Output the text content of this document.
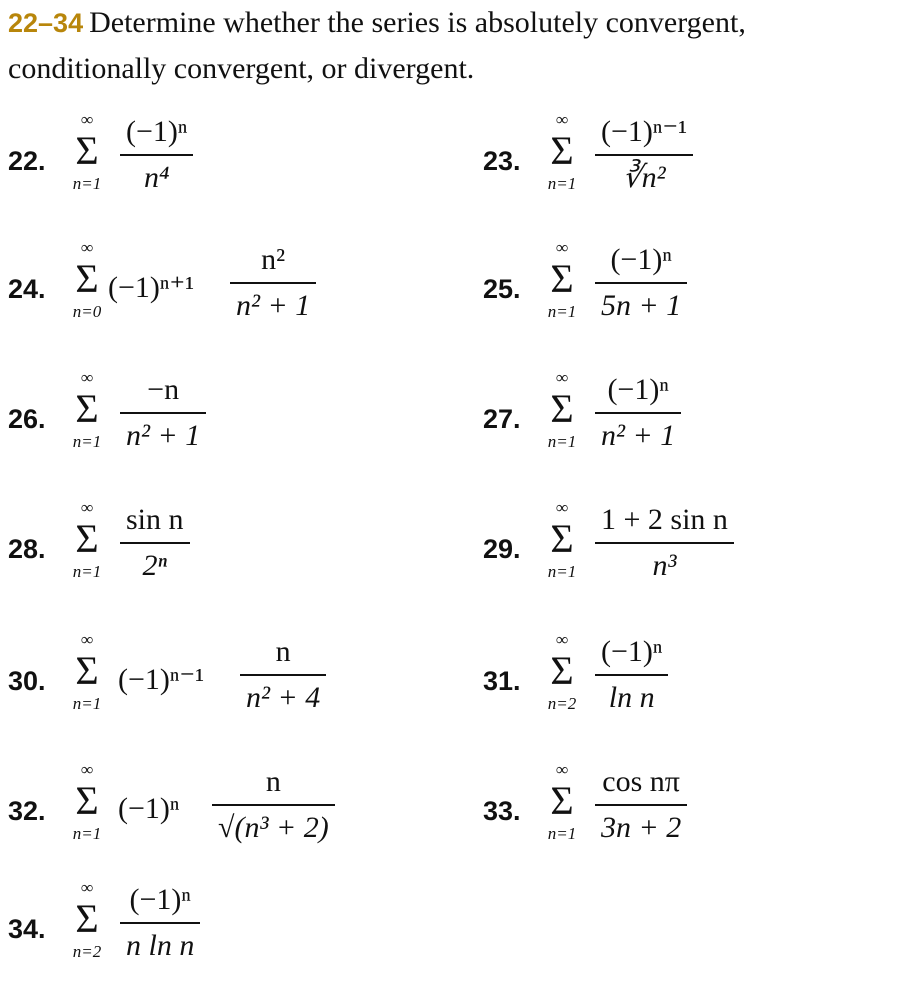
22–34 Determine whether the series is absolutely convergent, conditionally convergent, or divergent.
22.
∞
Σ
n=1
(−1)ⁿ
n⁴	23.
∞
Σ
n=1
(−1)ⁿ⁻¹
∛n²
24.
∞
Σ
n=0
(−1)ⁿ⁺¹
n²
n² + 1	25.
∞
Σ
n=1
(−1)ⁿ
5n + 1
26.
∞
Σ
n=1
−n
n² + 1	27.
∞
Σ
n=1
(−1)ⁿ
n² + 1
28.
∞
Σ
n=1
sin n
2ⁿ	29.
∞
Σ
n=1
1 + 2 sin n
n³
30.
∞
Σ
n=1
(−1)ⁿ⁻¹
n
n² + 4	31.
∞
Σ
n=2
(−1)ⁿ
ln n
32.
∞
Σ
n=1
(−1)ⁿ
n
√(n³ + 2)	33.
∞
Σ
n=1
cos nπ
3n + 2
34.
∞
Σ
n=2
(−1)ⁿ
n ln n
